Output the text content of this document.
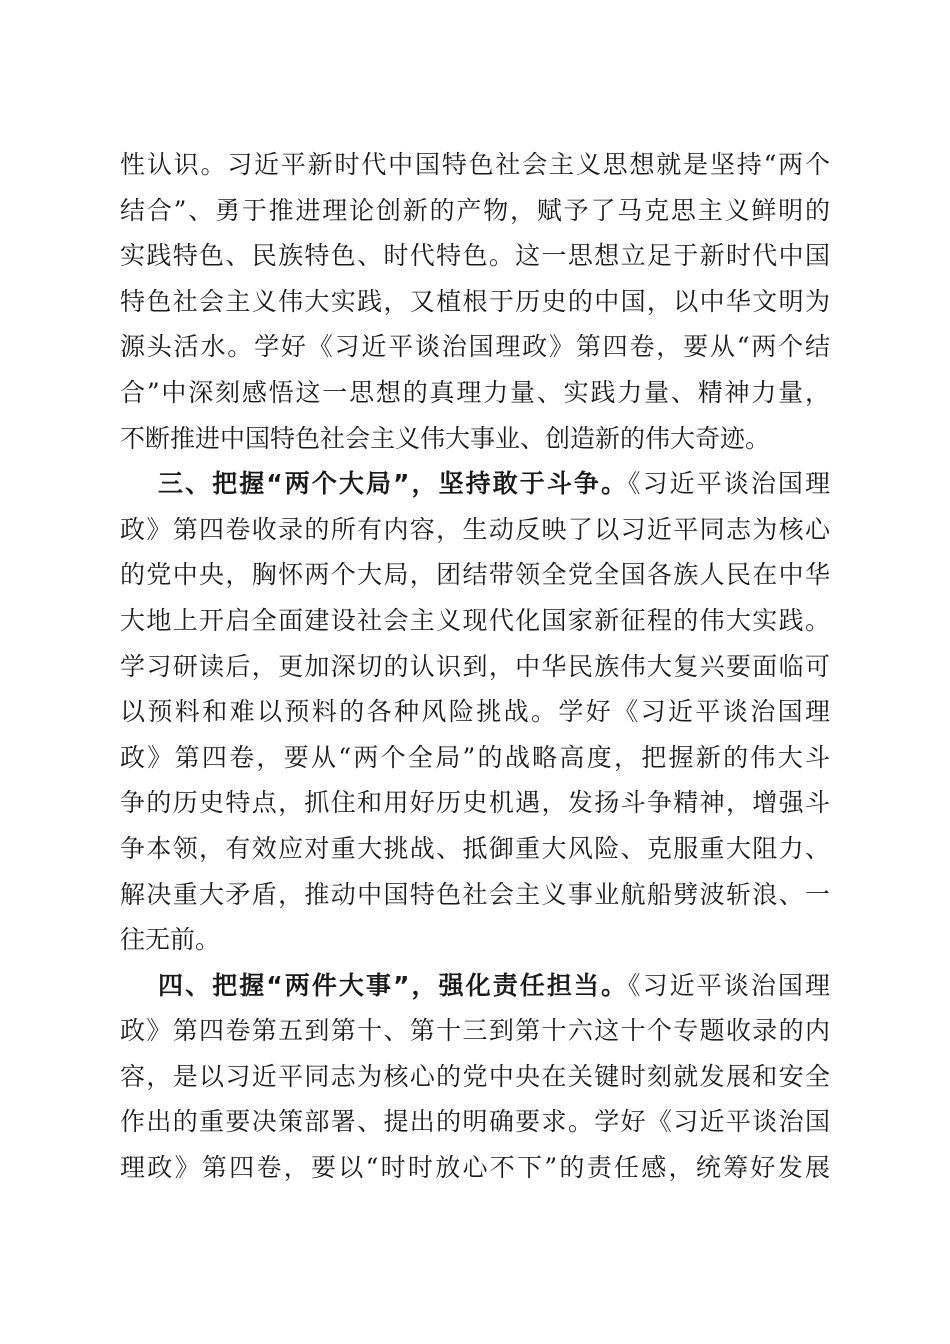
性认识。习近平新时代中国特色社会主义思想就是坚持“两个
结合”、勇于推进理论创新的产物，赋予了马克思主义鲜明的
实践特色、民族特色、时代特色。这一思想立足于新时代中国
特色社会主义伟大实践，又植根于历史的中国，以中华文明为
源头活水。学好《习近平谈治国理政》第四卷，要从“两个结
合”中深刻感悟这一思想的真理力量、实践力量、精神力量，
不断推进中国特色社会主义伟大事业、创造新的伟大奇迹。
三、把握“两个大局”，坚持敢于斗争。《习近平谈治国理
政》第四卷收录的所有内容，生动反映了以习近平同志为核心
的党中央，胸怀两个大局，团结带领全党全国各族人民在中华
大地上开启全面建设社会主义现代化国家新征程的伟大实践。
学习研读后，更加深切的认识到，中华民族伟大复兴要面临可
以预料和难以预料的各种风险挑战。学好《习近平谈治国理
政》第四卷，要从“两个全局”的战略高度，把握新的伟大斗
争的历史特点，抓住和用好历史机遇，发扬斗争精神，增强斗
争本领，有效应对重大挑战、抵御重大风险、克服重大阻力、
解决重大矛盾，推动中国特色社会主义事业航船劈波斩浪、一
往无前。
四、把握“两件大事”，强化责任担当。《习近平谈治国理
政》第四卷第五到第十、第十三到第十六这十个专题收录的内
容，是以习近平同志为核心的党中央在关键时刻就发展和安全
作出的重要决策部署、提出的明确要求。学好《习近平谈治国
理政》第四卷，要以“时时放心不下”的责任感，统筹好发展
